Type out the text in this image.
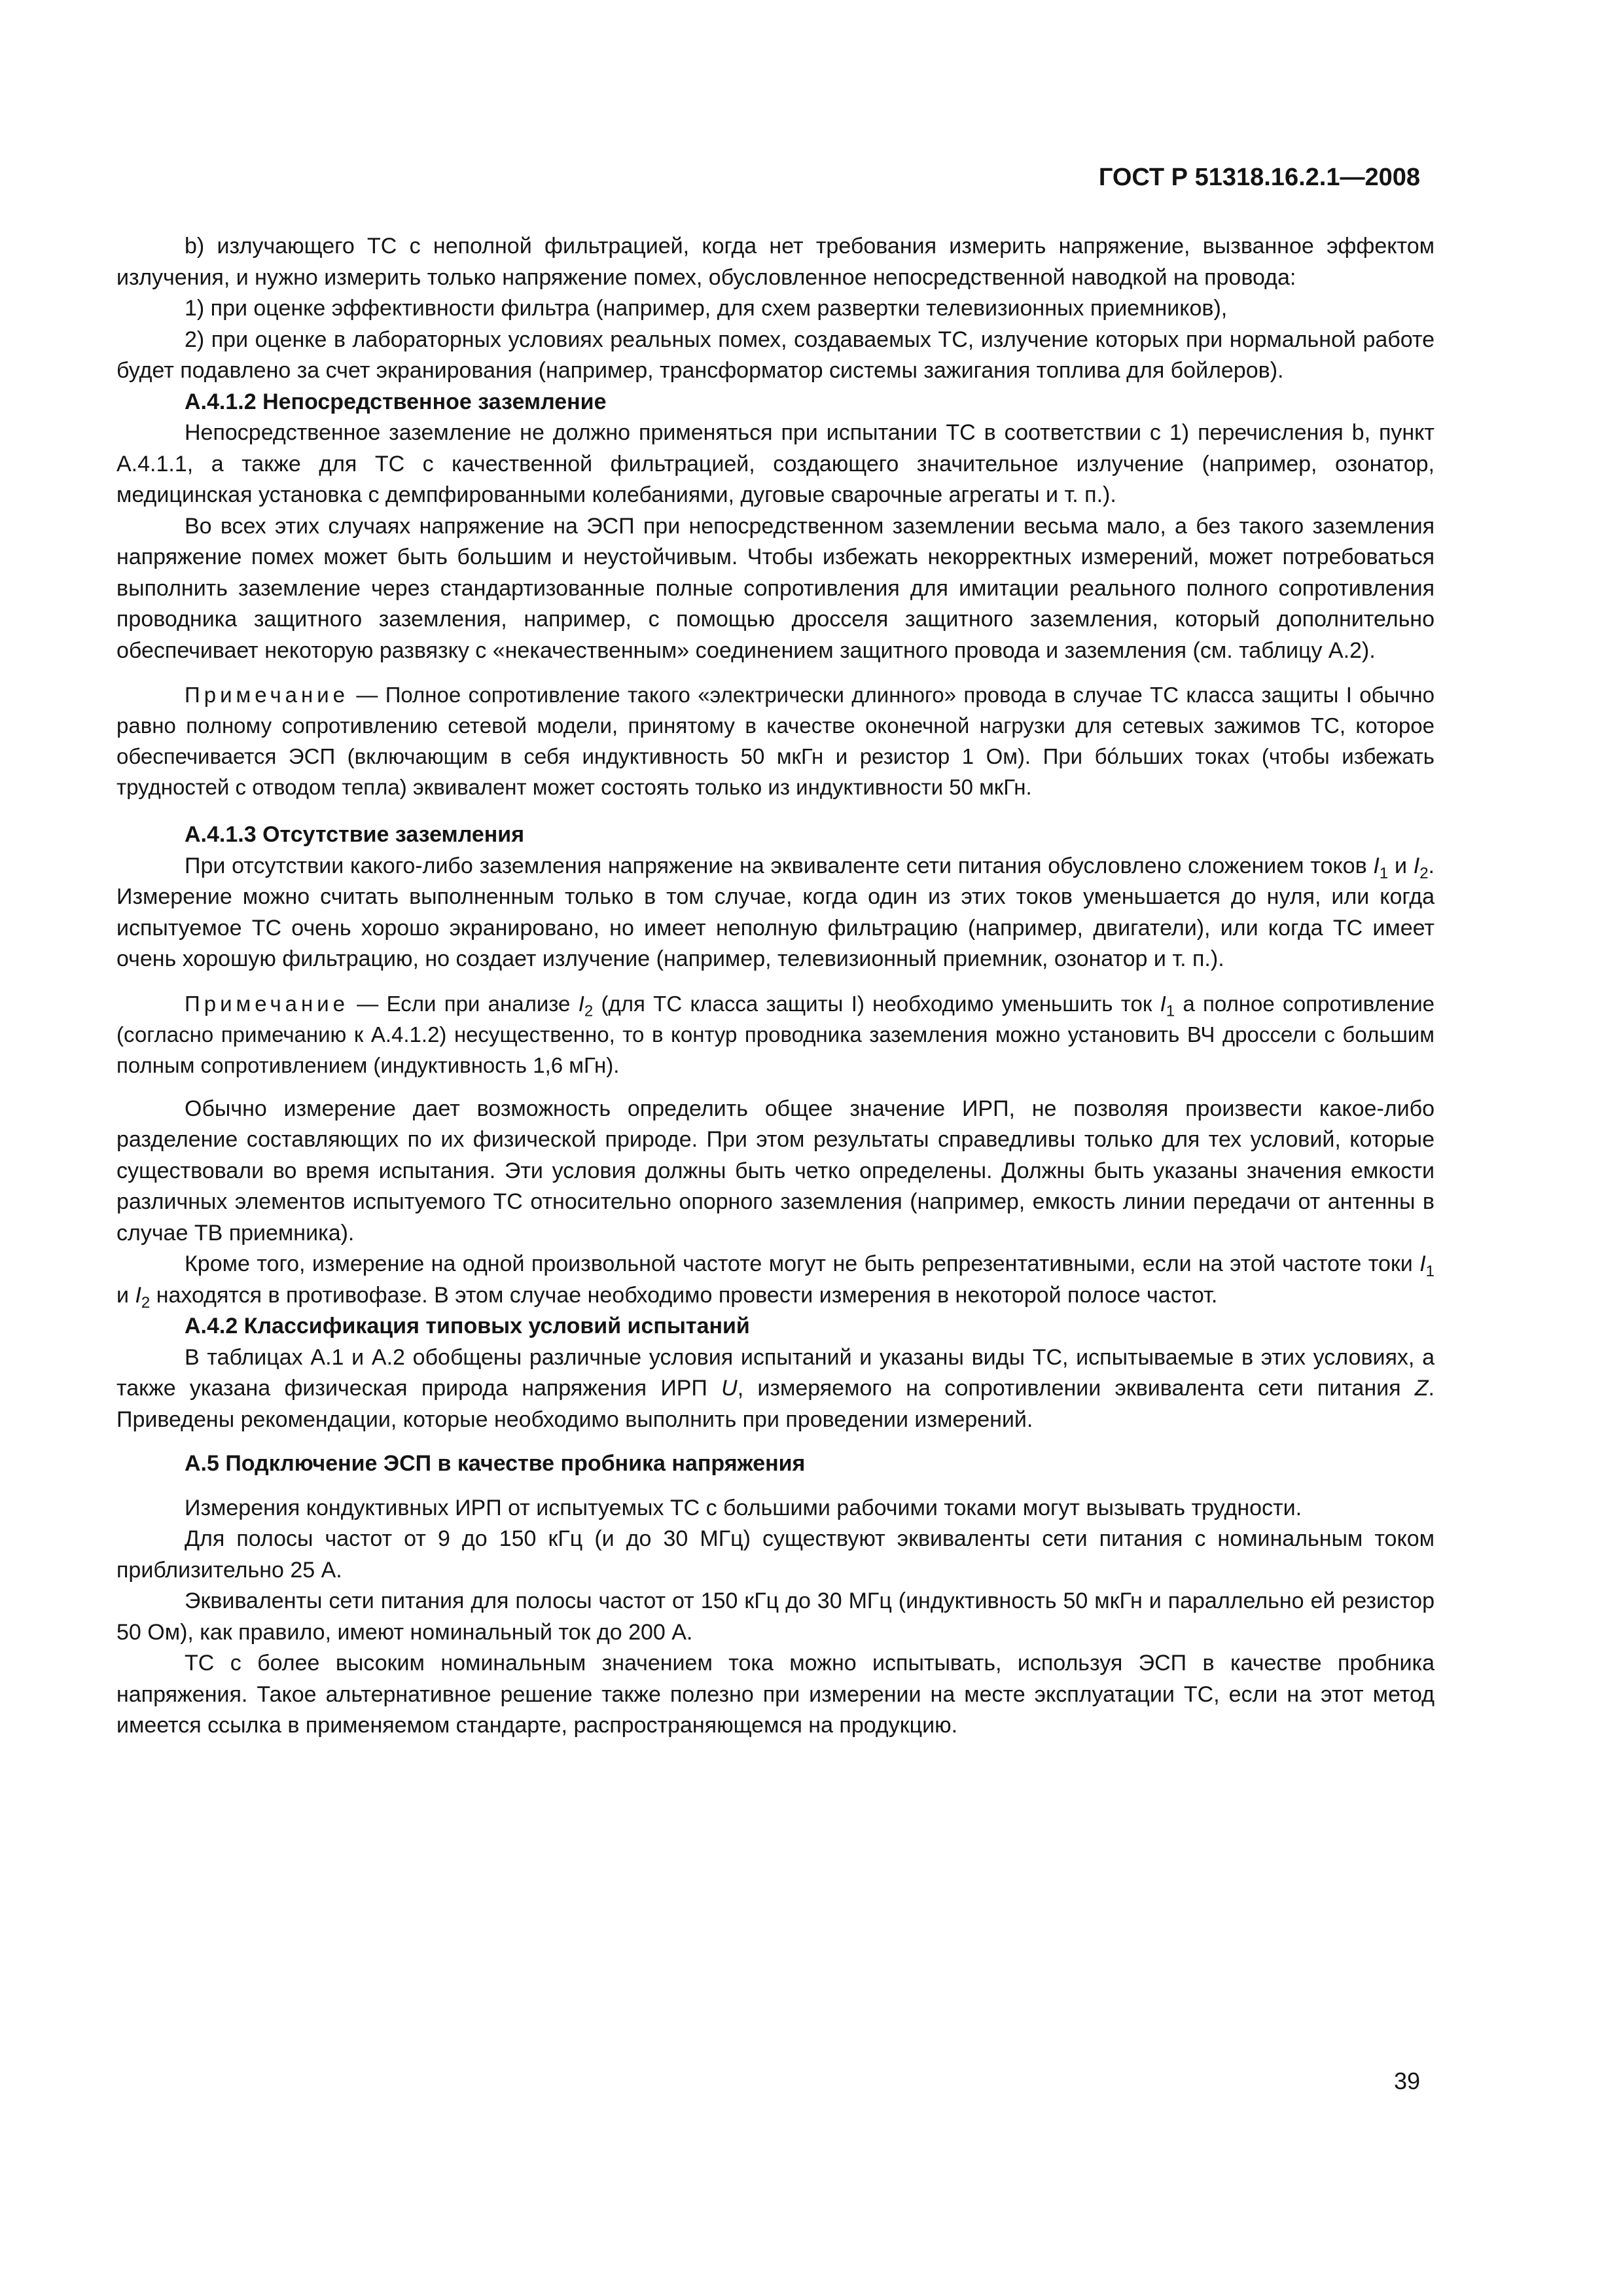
ГОСТ Р 51318.16.2.1—2008

b) излучающего ТС с неполной фильтрацией, когда нет требования измерить напряжение, вызванное эффектом излучения, и нужно измерить только напряжение помех, обусловленное непосредственной наводкой на провода:

1) при оценке эффективности фильтра (например, для схем развертки телевизионных приемников),

2) при оценке в лабораторных условиях реальных помех, создаваемых ТС, излучение которых при нормальной работе будет подавлено за счет экранирования (например, трансформатор системы зажигания топлива для бойлеров).

А.4.1.2 Непосредственное заземление

Непосредственное заземление не должно применяться при испытании ТС в соответствии с 1) перечисления b, пункт А.4.1.1, а также для ТС с качественной фильтрацией, создающего значительное излучение (например, озонатор, медицинская установка с демпфированными колебаниями, дуговые сварочные агрегаты и т. п.).

Во всех этих случаях напряжение на ЭСП при непосредственном заземлении весьма мало, а без такого заземления напряжение помех может быть большим и неустойчивым. Чтобы избежать некорректных измерений, может потребоваться выполнить заземление через стандартизованные полные сопротивления для имитации реального полного сопротивления проводника защитного заземления, например, с помощью дросселя защитного заземления, который дополнительно обеспечивает некоторую развязку с «некачественным» соединением защитного провода и заземления (см. таблицу А.2).

Примечание — Полное сопротивление такого «электрически длинного» провода в случае ТС класса защиты I обычно равно полному сопротивлению сетевой модели, принятому в качестве оконечной нагрузки для сетевых зажимов ТС, которое обеспечивается ЭСП (включающим в себя индуктивность 50 мкГн и резистор 1 Ом). При бóльших токах (чтобы избежать трудностей с отводом тепла) эквивалент может состоять только из индуктивности 50 мкГн.

А.4.1.3 Отсутствие заземления

При отсутствии какого-либо заземления напряжение на эквиваленте сети питания обусловлено сложением токов $I_1$ и $I_2$. Измерение можно считать выполненным только в том случае, когда один из этих токов уменьшается до нуля, или когда испытуемое ТС очень хорошо экранировано, но имеет неполную фильтрацию (например, двигатели), или когда ТС имеет очень хорошую фильтрацию, но создает излучение (например, телевизионный приемник, озонатор и т. п.).

Примечание — Если при анализе $I_2$ (для ТС класса защиты I) необходимо уменьшить ток $I_1$ а полное сопротивление (согласно примечанию к А.4.1.2) несущественно, то в контур проводника заземления можно установить ВЧ дроссели с большим полным сопротивлением (индуктивность 1,6 мГн).

Обычно измерение дает возможность определить общее значение ИРП, не позволяя произвести какое-либо разделение составляющих по их физической природе. При этом результаты справедливы только для тех условий, которые существовали во время испытания. Эти условия должны быть четко определены. Должны быть указаны значения емкости различных элементов испытуемого ТС относительно опорного заземления (например, емкость линии передачи от антенны в случае ТВ приемника).

Кроме того, измерение на одной произвольной частоте могут не быть репрезентативными, если на этой частоте токи $I_1$ и $I_2$ находятся в противофазе. В этом случае необходимо провести измерения в некоторой полосе частот.

А.4.2 Классификация типовых условий испытаний

В таблицах А.1 и А.2 обобщены различные условия испытаний и указаны виды ТС, испытываемые в этих условиях, а также указана физическая природа напряжения ИРП U, измеряемого на сопротивлении эквивалента сети питания Z. Приведены рекомендации, которые необходимо выполнить при проведении измерений.

А.5 Подключение ЭСП в качестве пробника напряжения

Измерения кондуктивных ИРП от испытуемых ТС с большими рабочими токами могут вызывать трудности.

Для полосы частот от 9 до 150 кГц (и до 30 МГц) существуют эквиваленты сети питания с номинальным током приблизительно 25 А.

Эквиваленты сети питания для полосы частот от 150 кГц до 30 МГц (индуктивность 50 мкГн и параллельно ей резистор 50 Ом), как правило, имеют номинальный ток до 200 А.

ТС с более высоким номинальным значением тока можно испытывать, используя ЭСП в качестве пробника напряжения. Такое альтернативное решение также полезно при измерении на месте эксплуатации ТС, если на этот метод имеется ссылка в применяемом стандарте, распространяющемся на продукцию.

39
